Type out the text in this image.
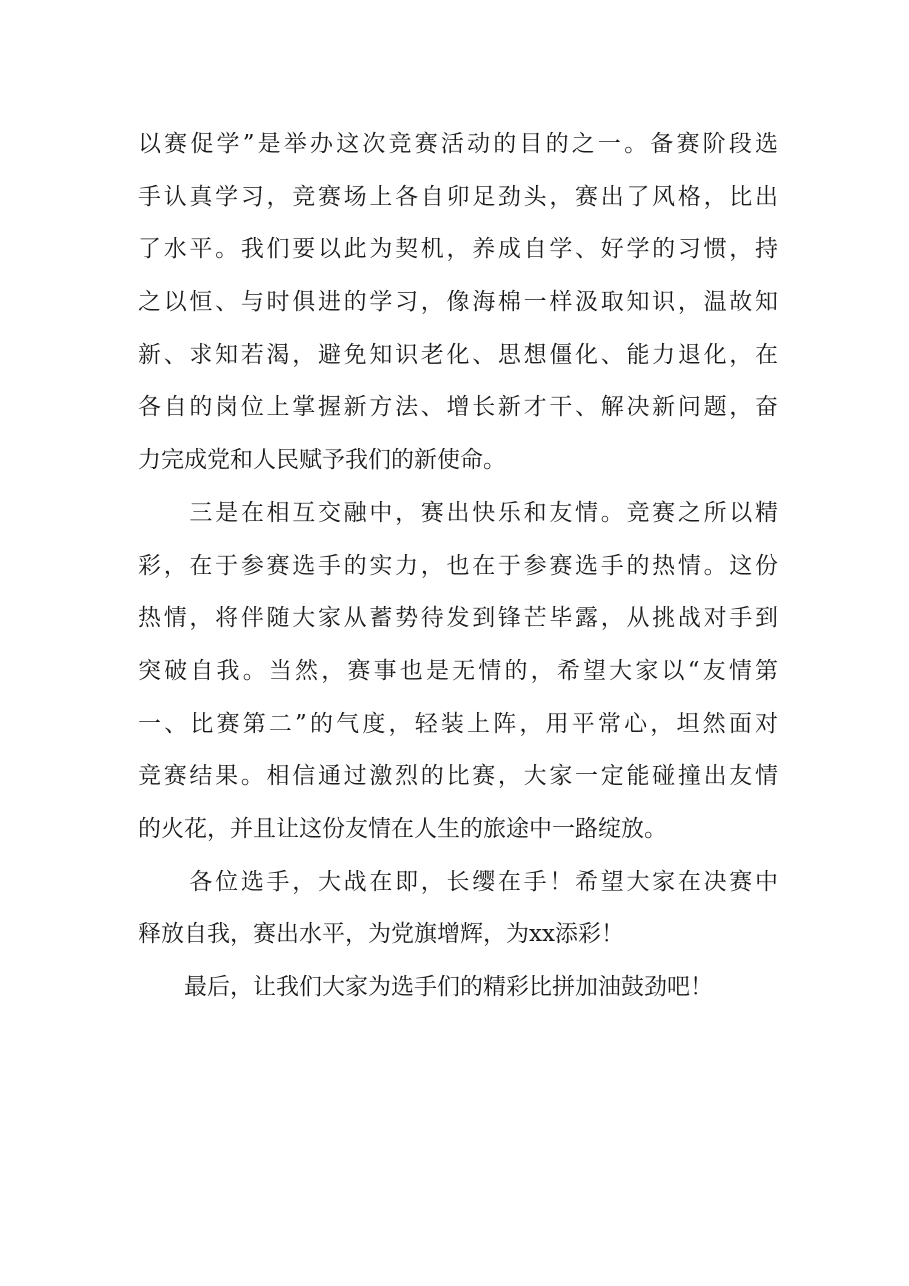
以赛促学”是举办这次竞赛活动的目的之一。备赛阶段选
手认真学习，竞赛场上各自卯足劲头，赛出了风格，比出
了水平。我们要以此为契机，养成自学、好学的习惯，持
之以恒、与时俱进的学习，像海棉一样汲取知识，温故知
新、求知若渴，避免知识老化、思想僵化、能力退化，在
各自的岗位上掌握新方法、增长新才干、解决新问题，奋
力完成党和人民赋予我们的新使命。
　　三是在相互交融中，赛出快乐和友情。竞赛之所以精
彩，在于参赛选手的实力，也在于参赛选手的热情。这份
热情，将伴随大家从蓄势待发到锋芒毕露，从挑战对手到
突破自我。当然，赛事也是无情的，希望大家以“友情第
一、比赛第二”的气度，轻装上阵，用平常心，坦然面对
竞赛结果。相信通过激烈的比赛，大家一定能碰撞出友情
的火花，并且让这份友情在人生的旅途中一路绽放。
　　各位选手，大战在即，长缨在手！希望大家在决赛中
释放自我，赛出水平，为党旗增辉，为xx添彩！
　　最后，让我们大家为选手们的精彩比拼加油鼓劲吧！
